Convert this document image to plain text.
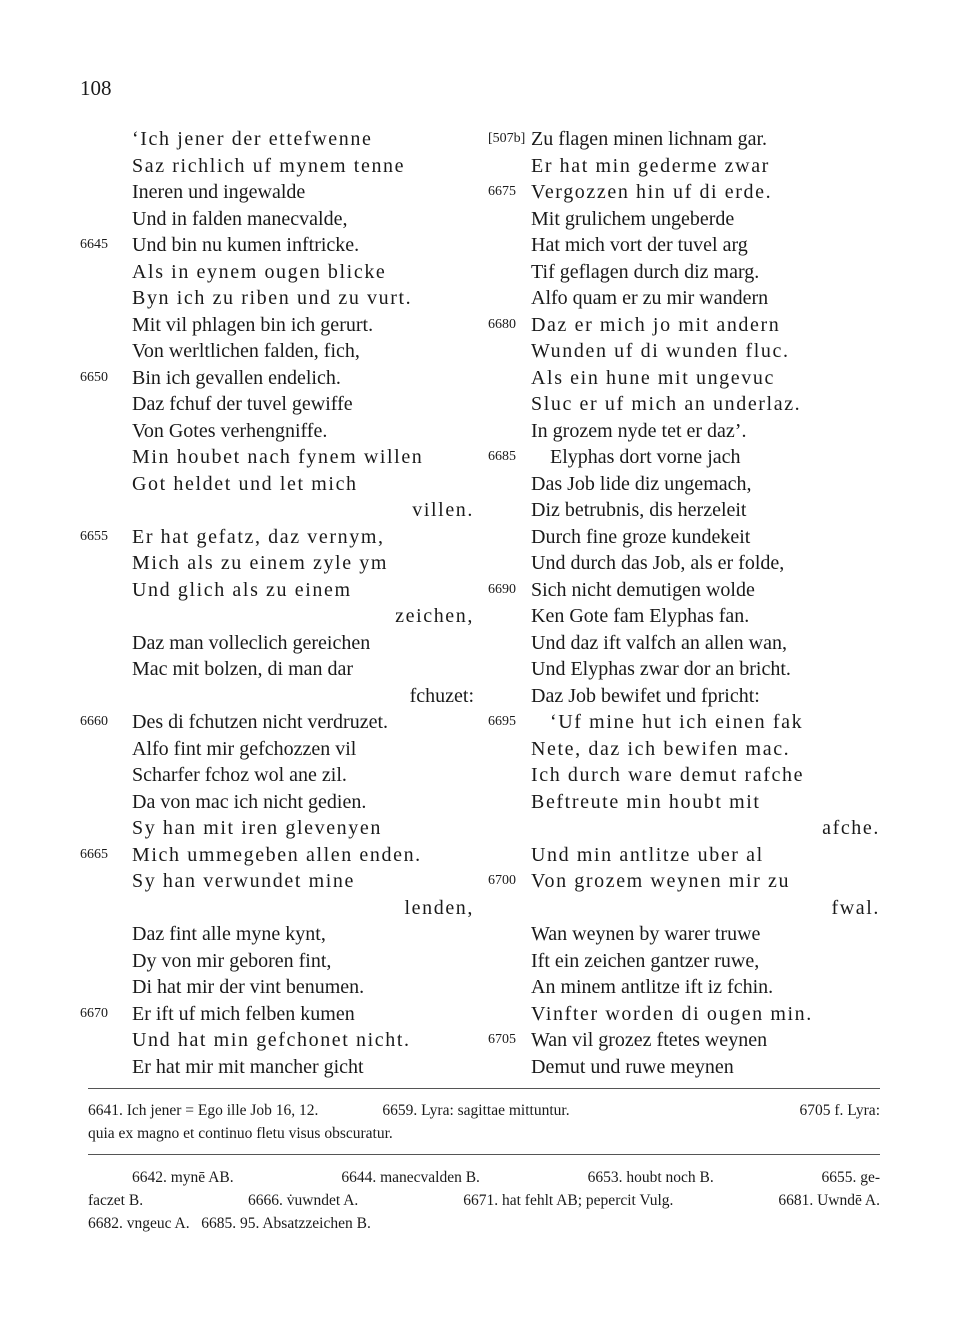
108
‘Ich jener der ettefwenne
Saz richlich uf mynem tenne
Ineren und ingewalde
Und in falden manecvalde,
6645	Und bin nu kumen inftricke.
Als in eynem ougen blicke
Byn ich zu riben und zu vurt.
Mit vil phlagen bin ich gerurt.
Von werltlichen falden, fich,
6650	Bin ich gevallen endelich.
Daz fchuf der tuvel gewiffe
Von Gotes verhengniffe.
Min houbet nach fynem willen
Got heldet und let mich
villen.
6655	Er hat gefatz, daz vernym,
Mich als zu einem zyle ym
Und glich als zu einem
zeichen,
Daz man volleclich gereichen
Mac mit bolzen, di man dar
fchuzet:
6660	Des di fchutzen nicht verdruzet.
Alfo fint mir gefchozzen vil
Scharfer fchoz wol ane zil.
Da von mac ich nicht gedien.
Sy han mit iren glevenyen
6665	Mich ummegeben allen enden.
Sy han verwundet mine
lenden,
Daz fint alle myne kynt,
Dy von mir geboren fint,
Di hat mir der vint benumen.
6670	Er ift uf mich felben kumen
Und hat min gefchonet nicht.
Er hat mir mit mancher gicht
[507b] Zu flagen minen lichnam gar.
Er hat min gederme zwar
6675 Vergozzen hin uf di erde.
Mit grulichem ungeberde
Hat mich vort der tuvel arg
Tif geflagen durch diz marg.
Alfo quam er zu mir wandern
6680 Daz er mich jo mit andern
Wunden uf di wunden fluc.
Als ein hune mit ungevuc
Sluc er uf mich an underlaz.
In grozem nyde tet er daz’.
6685	Elyphas dort vorne jach
Das Job lide diz ungemach,
Diz betrubnis, dis herzeleit
Durch fine groze kundekeit
Und durch das Job, als er folde,
6690 Sich nicht demutigen wolde
Ken Gote fam Elyphas fan.
Und daz ift valfch an allen wan,
Und Elyphas zwar dor an bricht.
Daz Job bewifet und fpricht:
6695	‘Uf mine hut ich einen fak
Nete, daz ich bewifen mac.
Ich durch ware demut rafche
Beftreute min houbt mit
afche.
Und min antlitze uber al
6700 Von grozem weynen mir zu
fwal.
Wan weynen by warer truwe
Ift ein zeichen gantzer ruwe,
An minem antlitze ift iz fchin.
Vinfter worden di ougen min.
6705 Wan vil grozez ftetes weynen
Demut und ruwe meynen

6641. Ich jener = Ego ille Job 16, 12.	6659. Lyra: sagittae mittuntur.	6705 f. Lyra:

quia ex magno et continuo fletu visus obscuratur.

6642. mynē AB.	6644. manecvalden B.	6653. houbt noch B.	6655. ge-

faczet B.	6666. v̇uwndet A.	6671. hat fehlt AB; pepercit Vulg.	6681. Uwndē A.

6682. vngeuc A.   6685. 95. Absatzzeichen B.
